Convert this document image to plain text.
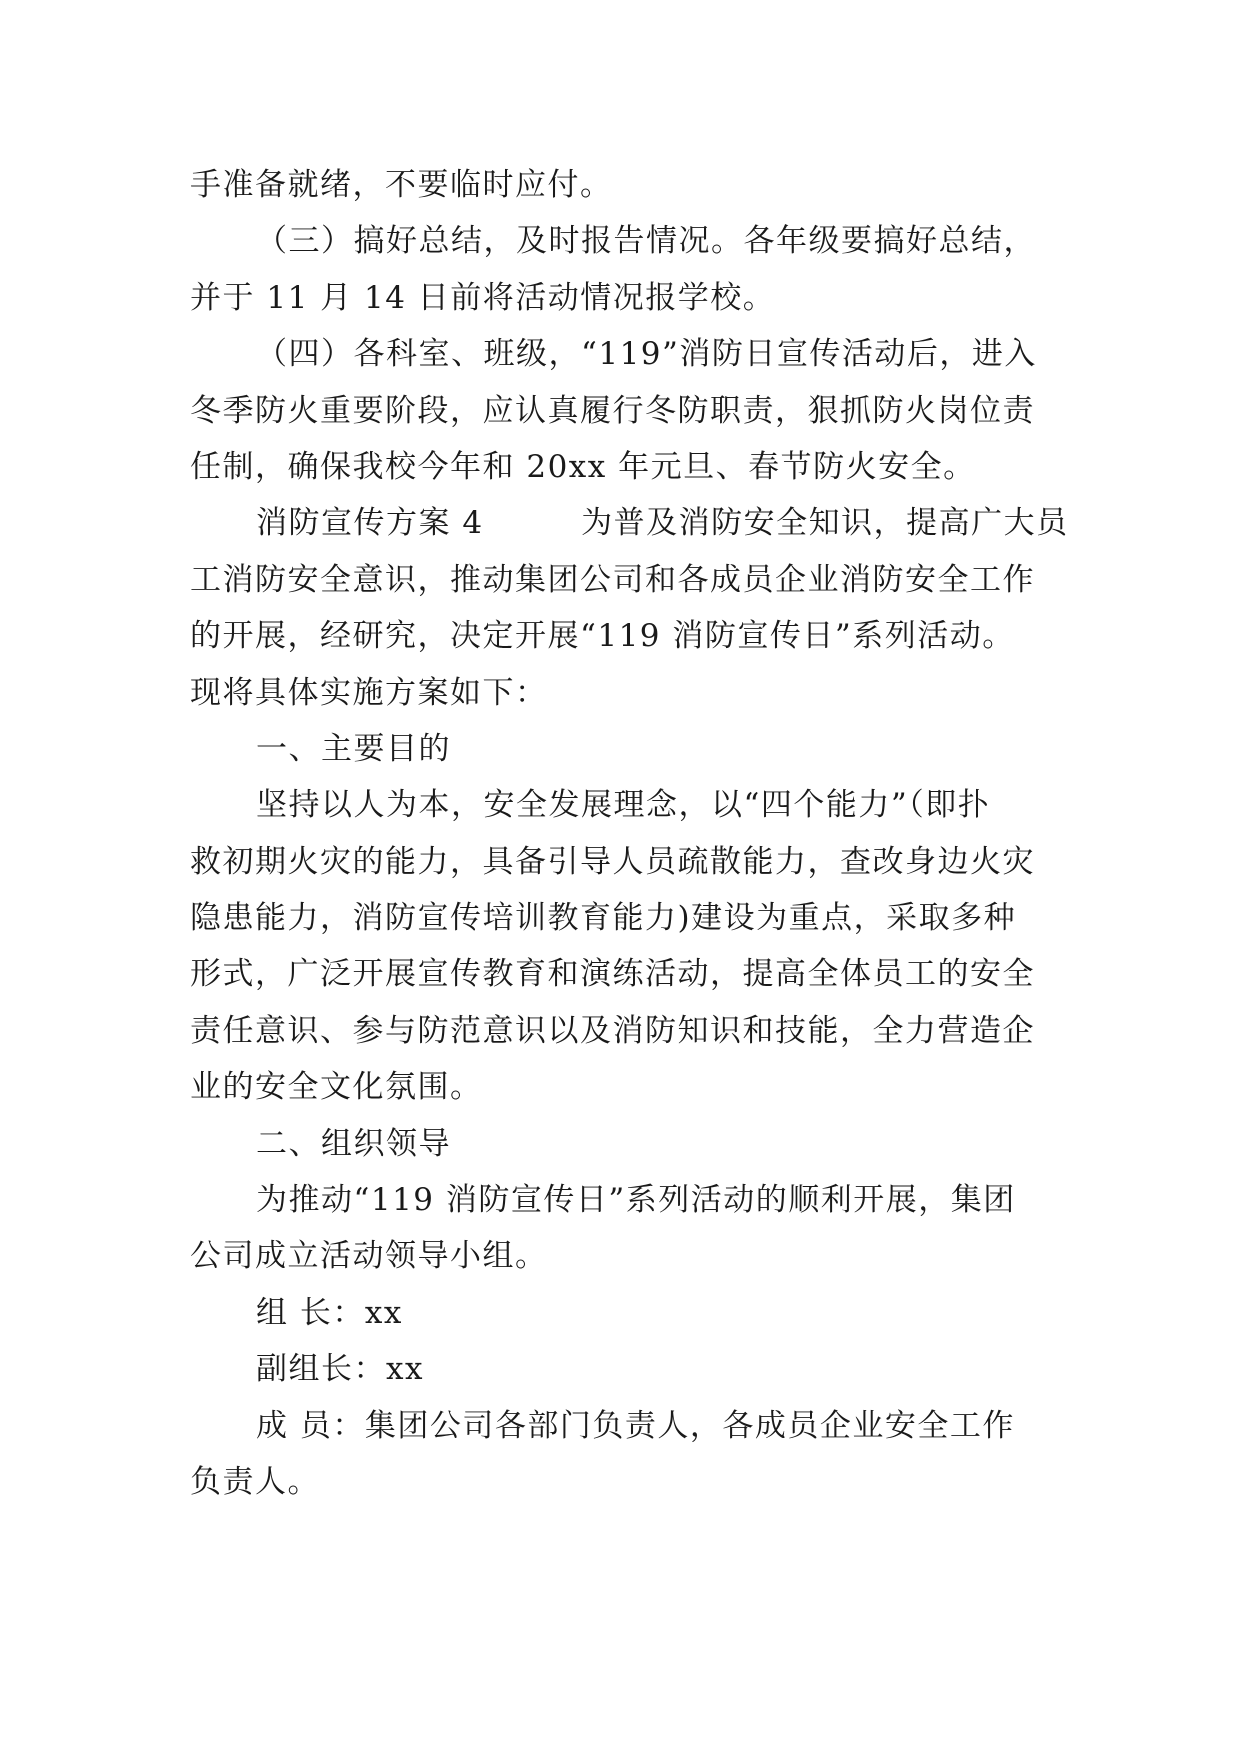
手准备就绪，不要临时应付。
（三）搞好总结，及时报告情况。各年级要搞好总结，
并于 11 月 14 日前将活动情况报学校。
（四）各科室、班级，“119”消防日宣传活动后，进入
冬季防火重要阶段，应认真履行冬防职责，狠抓防火岗位责
任制，确保我校今年和 20xx 年元旦、春节防火安全。
消防宣传方案 4　　　为普及消防安全知识，提高广大员
工消防安全意识，推动集团公司和各成员企业消防安全工作
的开展，经研究，决定开展“119 消防宣传日”系列活动。
现将具体实施方案如下：
一、主要目的
坚持以人为本，安全发展理念，以“四个能力”（即扑
救初期火灾的能力，具备引导人员疏散能力，查改身边火灾
隐患能力，消防宣传培训教育能力)建设为重点，采取多种
形式，广泛开展宣传教育和演练活动，提高全体员工的安全
责任意识、参与防范意识以及消防知识和技能，全力营造企
业的安全文化氛围。
二、组织领导
为推动“119 消防宣传日”系列活动的顺利开展，集团
公司成立活动领导小组。
组 长：xx
副组长：xx
成 员：集团公司各部门负责人，各成员企业安全工作
负责人。
